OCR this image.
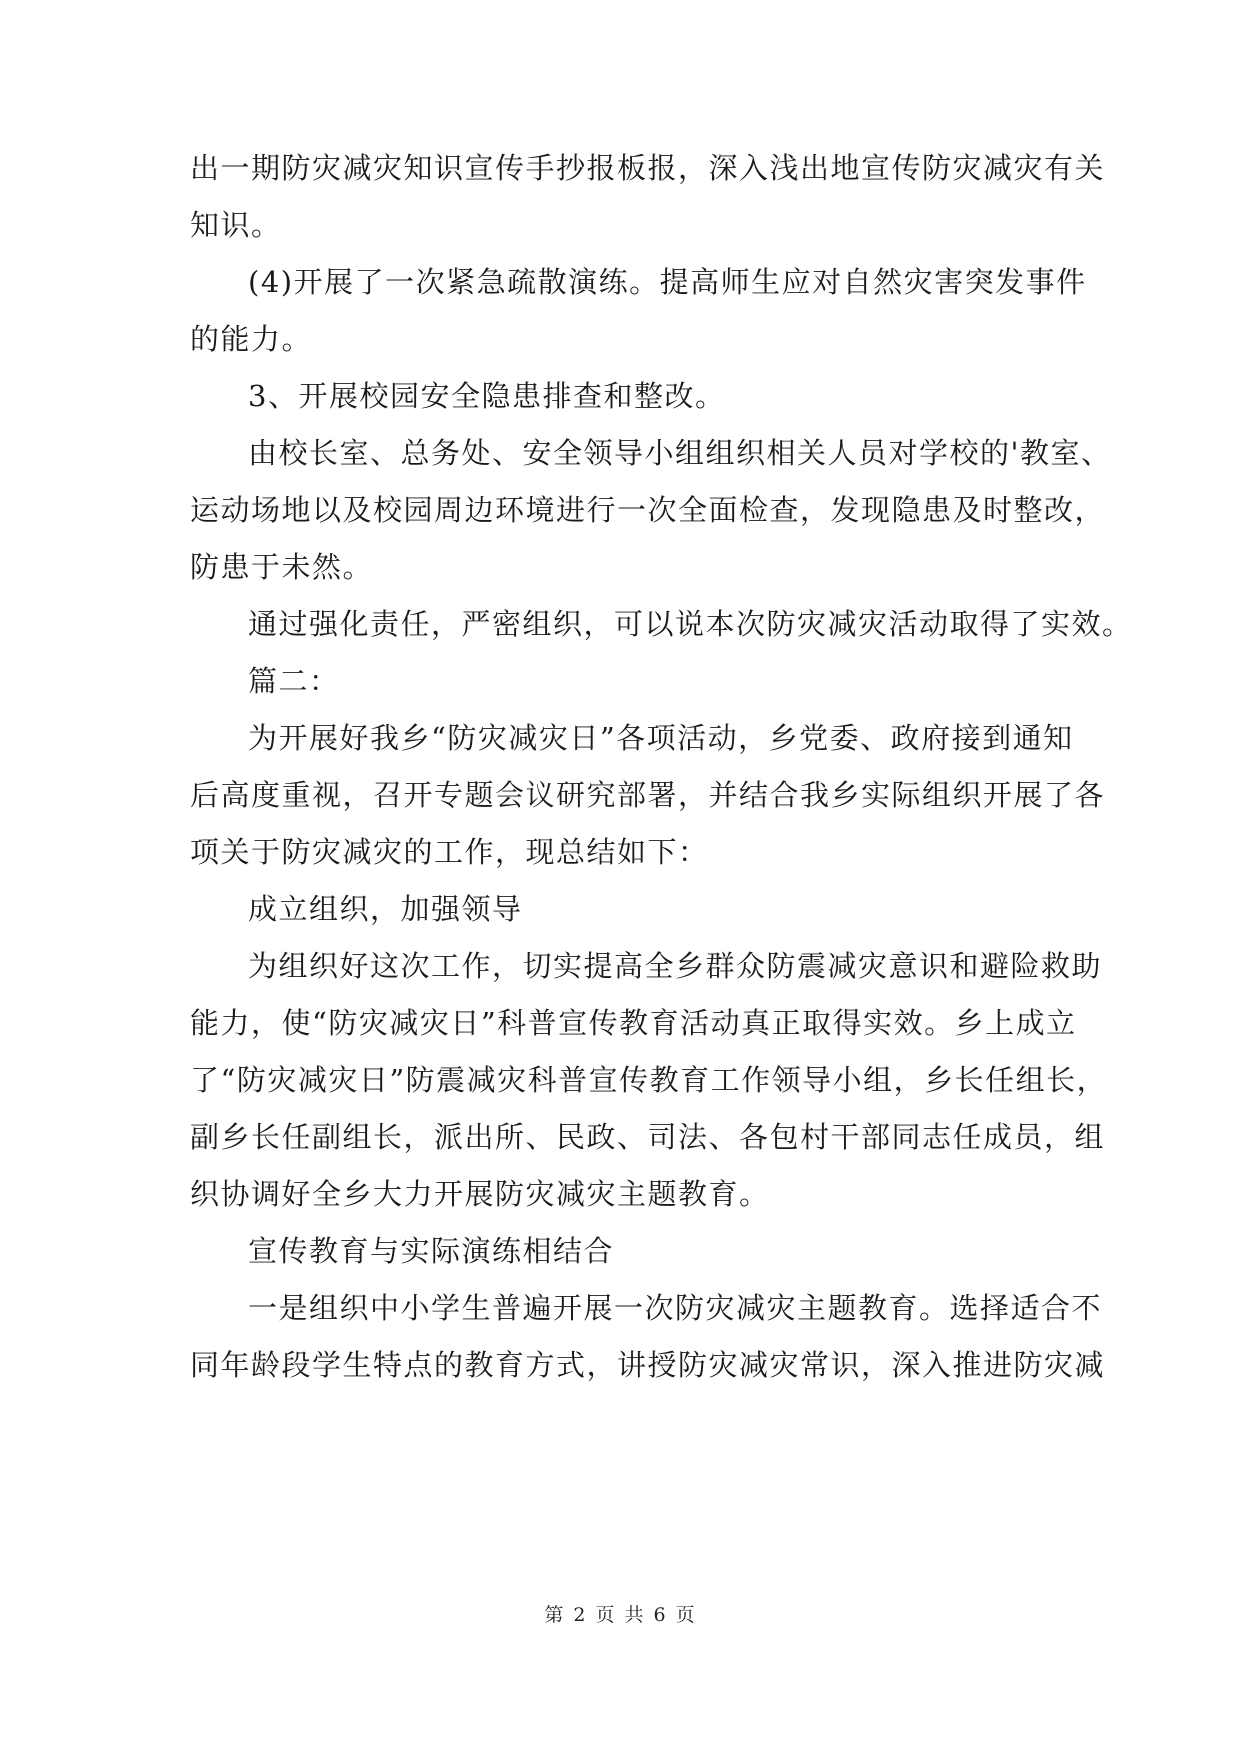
出一期防灾减灾知识宣传手抄报板报，深入浅出地宣传防灾减灾有关
知识。
(4)开展了一次紧急疏散演练。提高师生应对自然灾害突发事件
的能力。
3、开展校园安全隐患排查和整改。
由校长室、总务处、安全领导小组组织相关人员对学校的'教室、
运动场地以及校园周边环境进行一次全面检查，发现隐患及时整改，
防患于未然。
通过强化责任，严密组织，可以说本次防灾减灾活动取得了实效。
篇二：
为开展好我乡“防灾减灾日”各项活动，乡党委、政府接到通知
后高度重视，召开专题会议研究部署，并结合我乡实际组织开展了各
项关于防灾减灾的工作，现总结如下：
成立组织，加强领导
为组织好这次工作，切实提高全乡群众防震减灾意识和避险救助
能力，使“防灾减灾日”科普宣传教育活动真正取得实效。乡上成立
了“防灾减灾日”防震减灾科普宣传教育工作领导小组，乡长任组长，
副乡长任副组长，派出所、民政、司法、各包村干部同志任成员，组
织协调好全乡大力开展防灾减灾主题教育。
宣传教育与实际演练相结合
一是组织中小学生普遍开展一次防灾减灾主题教育。选择适合不
同年龄段学生特点的教育方式，讲授防灾减灾常识，深入推进防灾减
第 2 页 共 6 页
